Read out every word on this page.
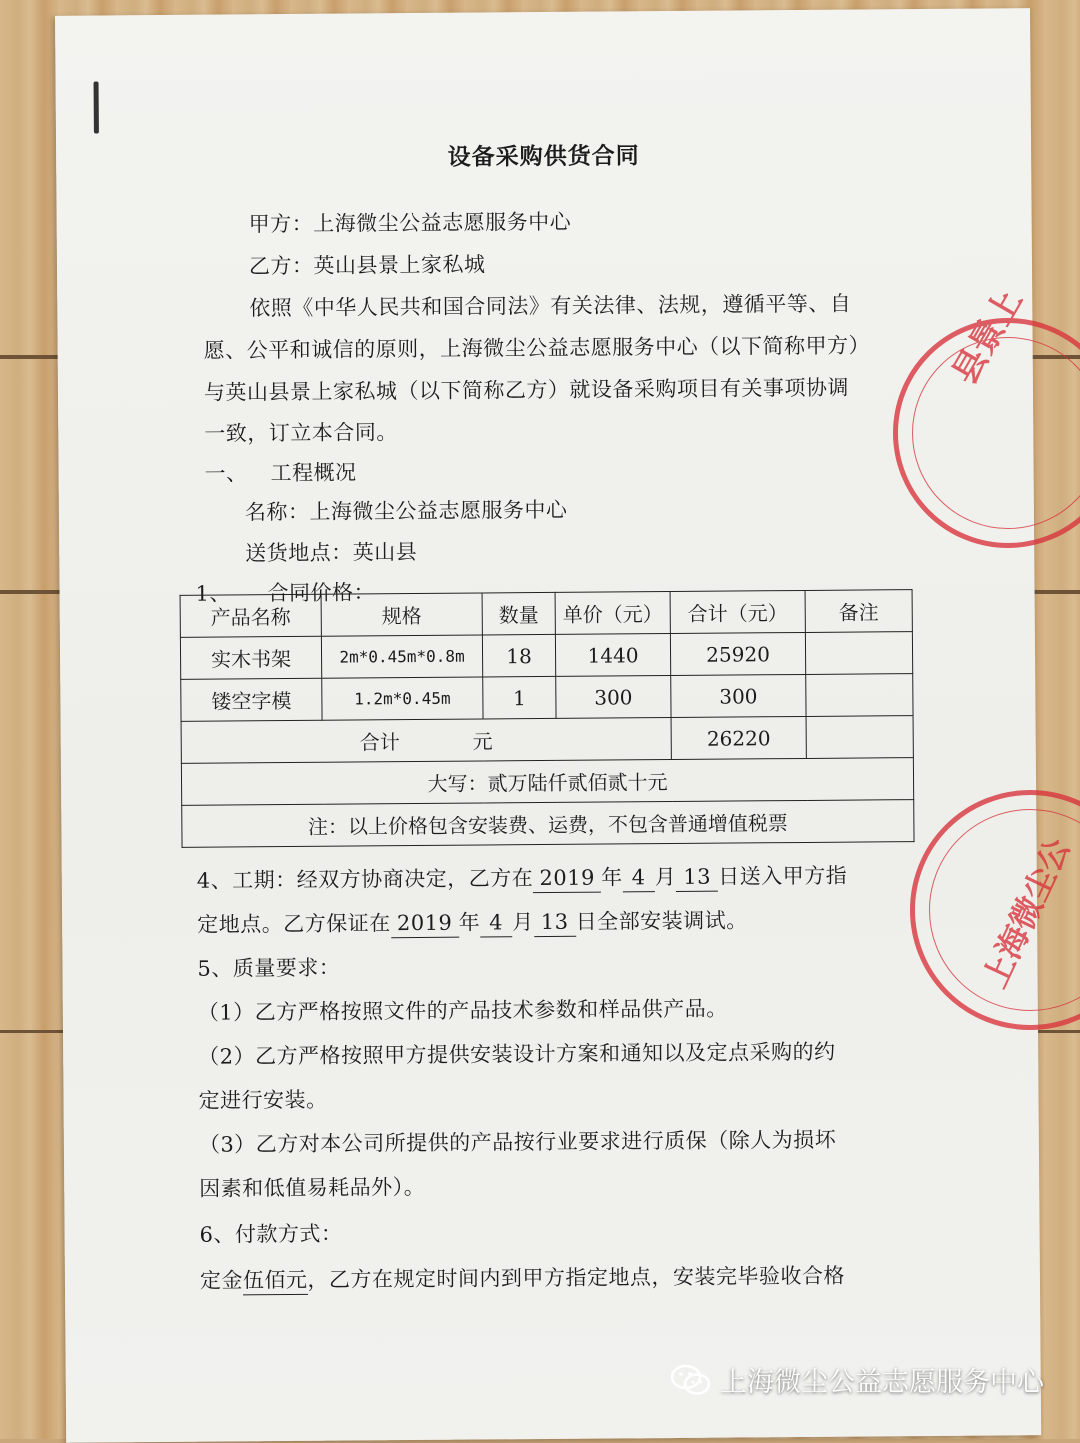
设备采购供货合同
甲方：上海微尘公益志愿服务中心
乙方：英山县景上家私城
依照《中华人民共和国合同法》有关法律、法规，遵循平等、自
愿、公平和诚信的原则，上海微尘公益志愿服务中心（以下简称甲方）
与英山县景上家私城（以下简称乙方）就设备采购项目有关事项协调
一致，订立本合同。
一、 工程概况
名称：上海微尘公益志愿服务中心
送货地点：英山县
1、 合同价格：
产品名称	规格	数量	单价（元）	合计（元）	备注
实木书架	2m*0.45m*0.8m	18	1440	25920	
镂空字模	1.2m*0.45m	1	300	300	
合计 元				26220	
大写：贰万陆仟贰佰贰十元					
注：以上价格包含安装费、运费，不包含普通增值税票					
4、工期：经双方协商决定，乙方在 2019 年 4 月 13 日送入甲方指
定地点。乙方保证在 2019 年 4 月 13 日全部安装调试。
5、质量要求：
（1）乙方严格按照文件的产品技术参数和样品供产品。
（2）乙方严格按照甲方提供安装设计方案和通知以及定点采购的约
定进行安装。
（3）乙方对本公司所提供的产品按行业要求进行质保（除人为损坏
因素和低值易耗品外）。
6、付款方式：
定金伍佰元，乙方在规定时间内到甲方指定地点，安装完毕验收合格
县景上
上海微尘公
上海微尘公益志愿服务中心
